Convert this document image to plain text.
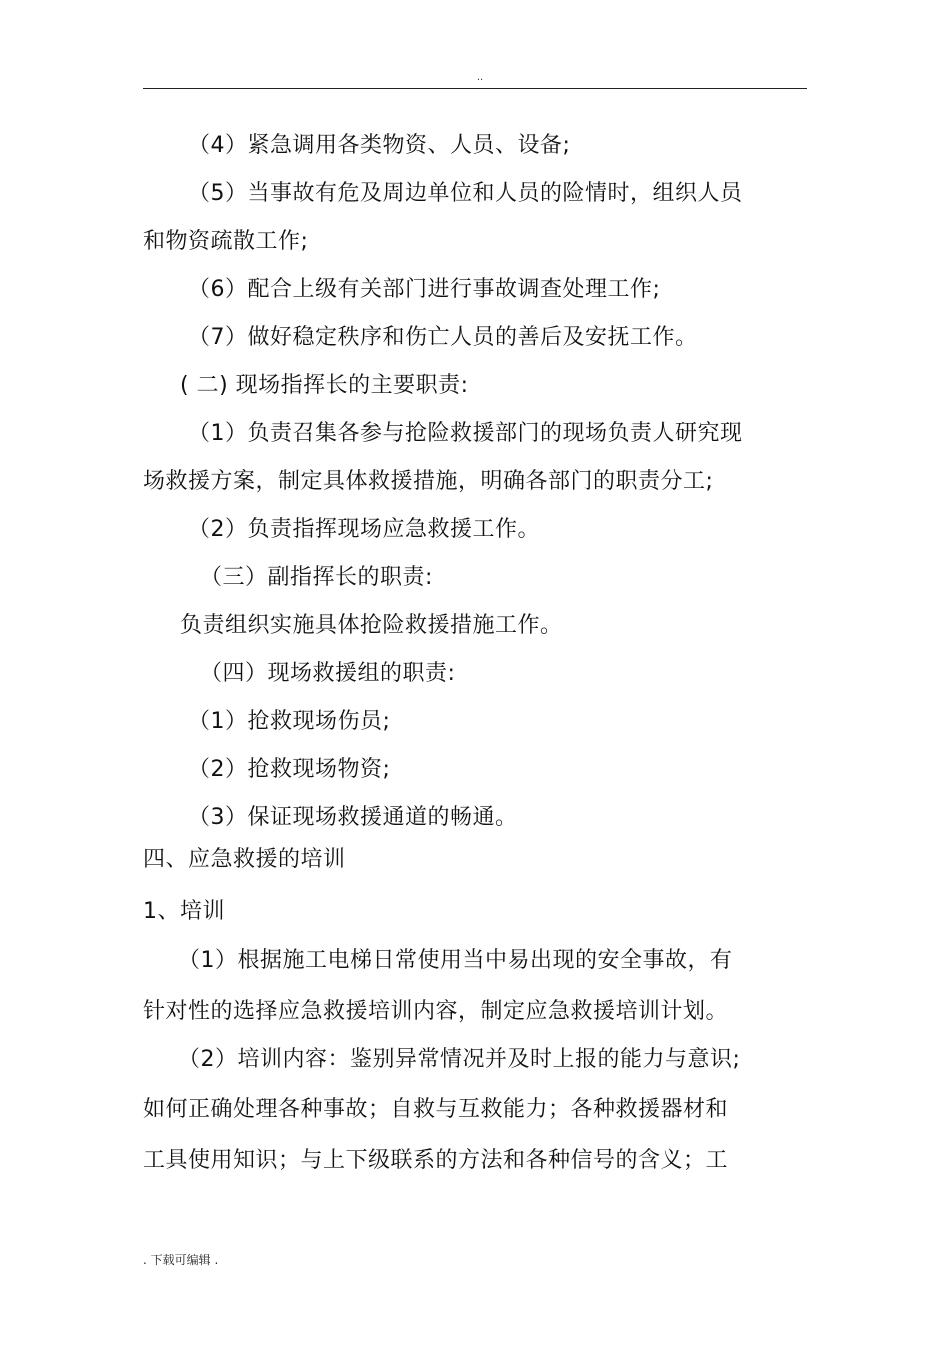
..
（4）紧急调用各类物资、人员、设备;
（5）当事故有危及周边单位和人员的险情时，组织人员
和物资疏散工作;
（6）配合上级有关部门进行事故调查处理工作;
（7）做好稳定秩序和伤亡人员的善后及安抚工作。
( 二) 现场指挥长的主要职责:
（1）负责召集各参与抢险救援部门的现场负责人研究现
场救援方案，制定具体救援措施，明确各部门的职责分工;
（2）负责指挥现场应急救援工作。
（三）副指挥长的职责:
负责组织实施具体抢险救援措施工作。
（四）现场救援组的职责:
（1）抢救现场伤员;
（2）抢救现场物资;
（3）保证现场救援通道的畅通。
四、应急救援的培训
1、培训
（1）根据施工电梯日常使用当中易出现的安全事故，有
针对性的选择应急救援培训内容，制定应急救援培训计划。
（2）培训内容：鉴别异常情况并及时上报的能力与意识;
如何正确处理各种事故；自救与互救能力；各种救援器材和
工具使用知识；与上下级联系的方法和各种信号的含义；工
. 下载可编辑 .
